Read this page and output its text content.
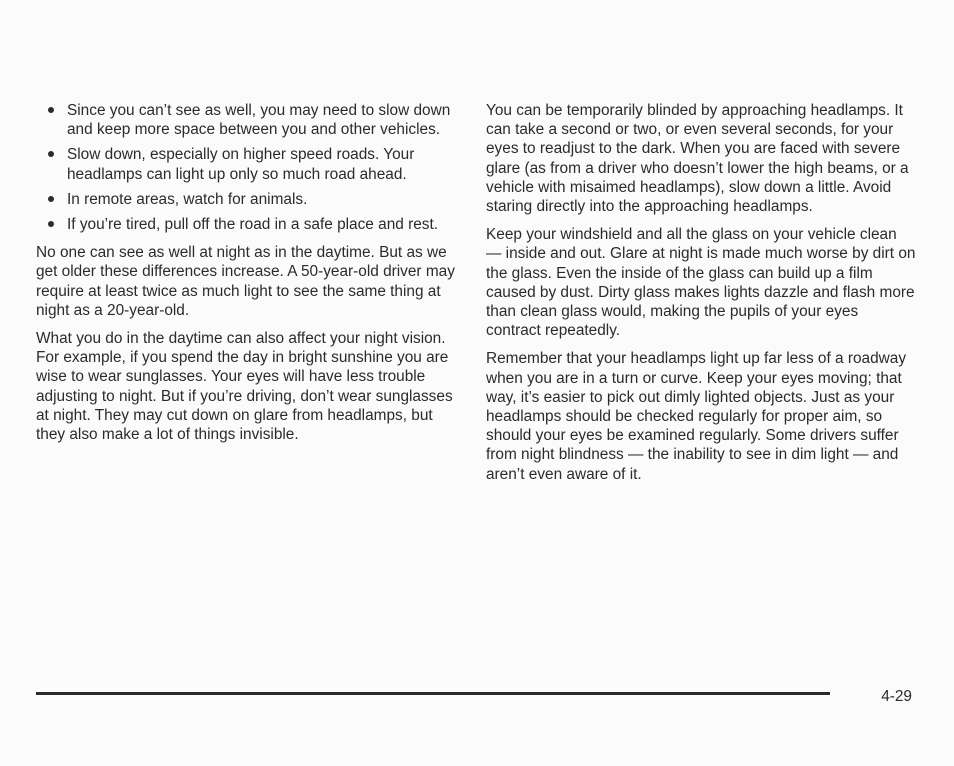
Since you can’t see as well, you may need to slow down and keep more space between you and other vehicles.
Slow down, especially on higher speed roads. Your headlamps can light up only so much road ahead.
In remote areas, watch for animals.
If you’re tired, pull off the road in a safe place and rest.

No one can see as well at night as in the daytime. But as we get older these differences increase. A 50-year-old driver may require at least twice as much light to see the same thing at night as a 20-year-old.

What you do in the daytime can also affect your night vision. For example, if you spend the day in bright sunshine you are wise to wear sunglasses. Your eyes will have less trouble adjusting to night. But if you’re driving, don’t wear sunglasses at night. They may cut down on glare from headlamps, but they also make a lot of things invisible.

You can be temporarily blinded by approaching headlamps. It can take a second or two, or even several seconds, for your eyes to readjust to the dark. When you are faced with severe glare (as from a driver who doesn’t lower the high beams, or a vehicle with misaimed headlamps), slow down a little. Avoid staring directly into the approaching headlamps.

Keep your windshield and all the glass on your vehicle clean — inside and out. Glare at night is made much worse by dirt on the glass. Even the inside of the glass can build up a film caused by dust. Dirty glass makes lights dazzle and flash more than clean glass would, making the pupils of your eyes contract repeatedly.

Remember that your headlamps light up far less of a roadway when you are in a turn or curve. Keep your eyes moving; that way, it’s easier to pick out dimly lighted objects. Just as your headlamps should be checked regularly for proper aim, so should your eyes be examined regularly. Some drivers suffer from night blindness — the inability to see in dim light — and aren’t even aware of it.

4-29
